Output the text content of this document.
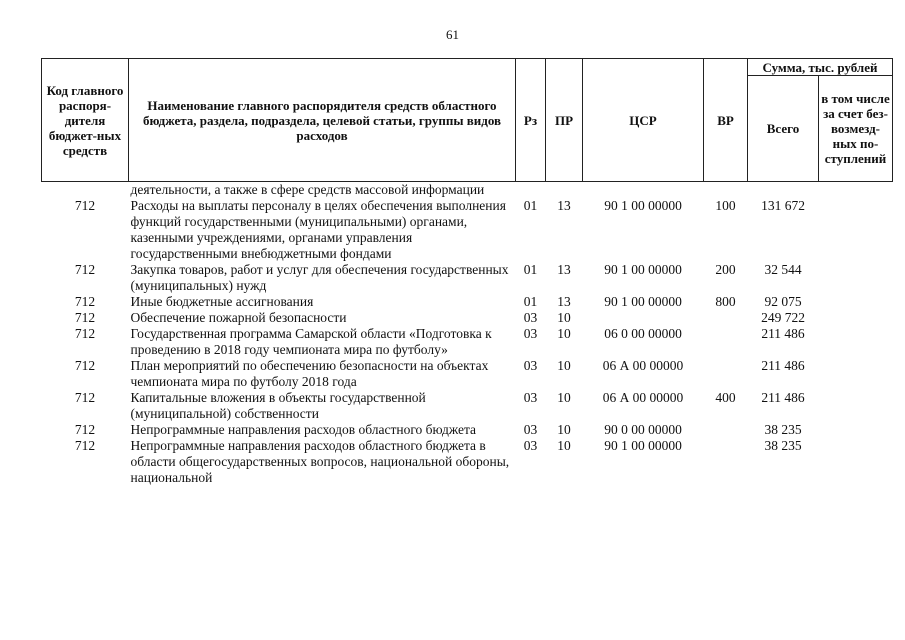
61
Код главного распоря-дителя бюджет-ных средств	Наименование главного распорядителя средств областного бюджета, раздела, подраздела, целевой статьи, группы видов расходов	Рз	ПР	ЦСР	ВР	Сумма, тыс. рублей	
						Всего	в том числе за счет без-возмезд-ных по-ступлений
	деятельности, а также в сфере средств массовой информации						
712	Расходы на выплаты персоналу в целях обеспечения выполнения функций государственными (муниципальными) органами, казенными учреждениями, органами управления государственными внебюджетными фондами	01	13	90 1 00 00000	100	131 672	
712	Закупка товаров, работ и услуг для обеспечения государственных (муниципальных) нужд	01	13	90 1 00 00000	200	32 544	
712	Иные бюджетные ассигнования	01	13	90 1 00 00000	800	92 075	
712	Обеспечение пожарной безопасности	03	10			249 722	
712	Государственная программа Самарской области «Подготовка к проведению в 2018 году чемпионата мира по футболу»	03	10	06 0 00 00000		211 486	
712	План мероприятий по обеспечению безопасности на объектах чемпионата мира по футболу 2018 года	03	10	06 А 00 00000		211 486	
712	Капитальные вложения в объекты государственной (муниципальной) собственности	03	10	06 А 00 00000	400	211 486	
712	Непрограммные направления расходов областного бюджета	03	10	90 0 00 00000		38 235	
712	Непрограммные направления расходов областного бюджета в области общегосударственных вопросов, национальной обороны, национальной	03	10	90 1 00 00000		38 235	
